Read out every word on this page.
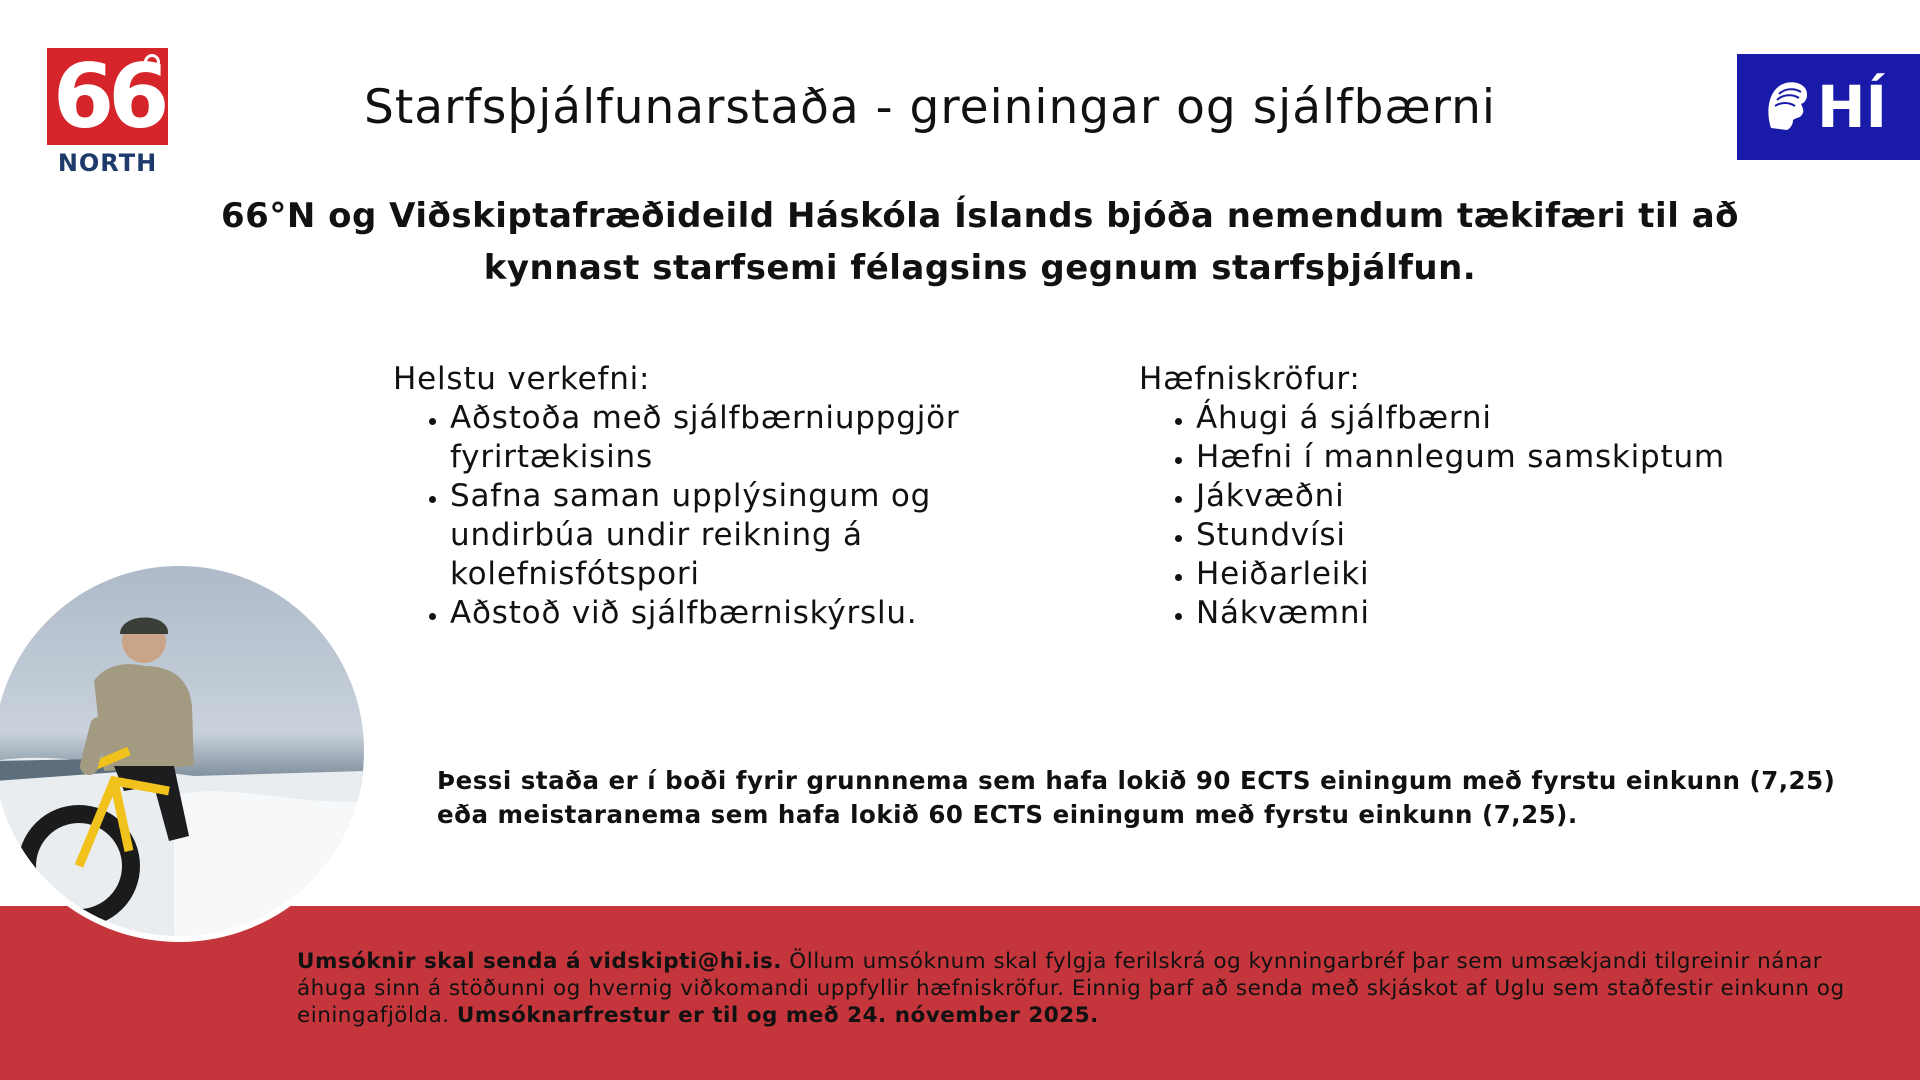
66
NORTH
HÍ
Starfsþjálfunarstaða - greiningar og sjálfbærni
66°N og Viðskiptafræðideild Háskóla Íslands bjóða nemendum tækifæri til að kynnast starfsemi félagsins gegnum starfsþjálfun.
Helstu verkefni:
• Aðstoða með sjálfbærniuppgjör fyrirtækisins
• Safna saman upplýsingum og undirbúa undir reikning á kolefnisfótspori
• Aðstoð við sjálfbærniskýrslu.
Hæfniskröfur:
• Áhugi á sjálfbærni
• Hæfni í mannlegum samskiptum
• Jákvæðni
• Stundvísi
• Heiðarleiki
• Nákvæmni
Þessi staða er í boði fyrir grunnnema sem hafa lokið 90 ECTS einingum með fyrstu einkunn (7,25) eða meistaranema sem hafa lokið 60 ECTS einingum með fyrstu einkunn (7,25).
Umsóknir skal senda á vidskipti@hi.is. Öllum umsóknum skal fylgja ferilskrá og kynningarbréf þar sem umsækjandi tilgreinir nánar áhuga sinn á stöðunni og hvernig viðkomandi uppfyllir hæfniskröfur. Einnig þarf að senda með skjáskot af Uglu sem staðfestir einkunn og einingafjölda. Umsóknarfrestur er til og með 24. nóvember 2025.
